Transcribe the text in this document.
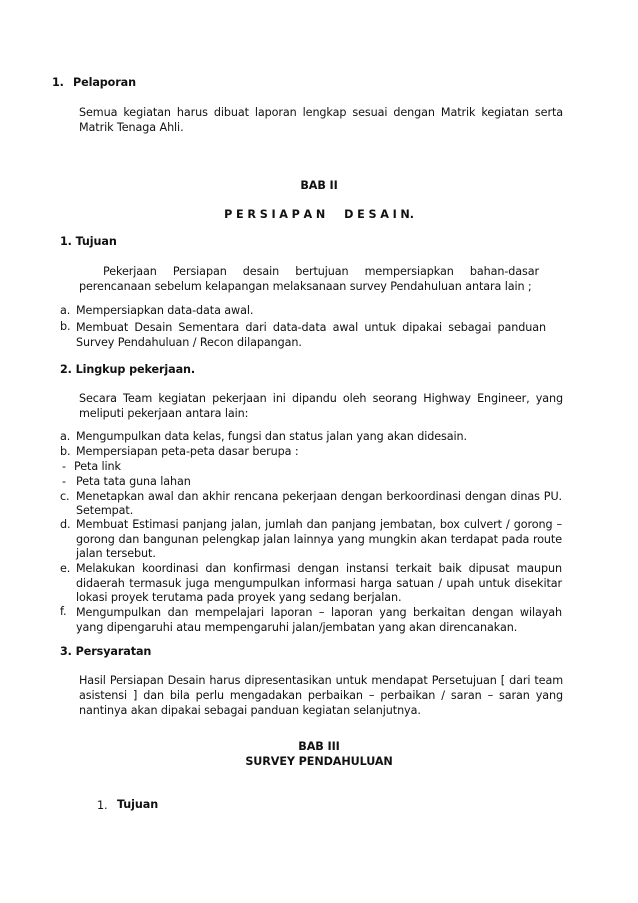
1. Pelaporan
Semua kegiatan harus dibuat laporan lengkap sesuai dengan Matrik kegiatan serta Matrik Tenaga Ahli.
BAB II
P E R S I A P A N     D E S A I N.
1. Tujuan
Pekerjaan Persiapan desain bertujuan mempersiapkan bahan-dasar perencanaan sebelum kelapangan melaksanaan survey Pendahuluan antara lain ;
a. Mempersiapkan data-data awal.
b. Membuat Desain Sementara dari data-data awal untuk dipakai sebagai panduan Survey Pendahuluan / Recon dilapangan.
2. Lingkup pekerjaan.
Secara Team kegiatan pekerjaan ini dipandu oleh seorang Highway Engineer, yang meliputi pekerjaan antara lain:
a. Mengumpulkan data kelas, fungsi dan status jalan yang akan didesain.
b. Mempersiapan peta-peta dasar berupa :
- Peta link
- Peta tata guna lahan
c. Menetapkan awal dan akhir rencana pekerjaan dengan berkoordinasi dengan dinas PU. Setempat.
d. Membuat Estimasi panjang jalan, jumlah dan panjang jembatan, box culvert / gorong – gorong dan bangunan pelengkap jalan lainnya yang mungkin akan terdapat pada route jalan tersebut.
e. Melakukan koordinasi dan konfirmasi dengan instansi terkait baik dipusat maupun didaerah termasuk juga mengumpulkan informasi harga satuan / upah untuk disekitar lokasi proyek terutama pada proyek yang sedang berjalan.
f. Mengumpulkan dan mempelajari laporan – laporan yang berkaitan dengan wilayah yang dipengaruhi atau mempengaruhi jalan/jembatan yang akan direncanakan.
3. Persyaratan
Hasil Persiapan Desain harus dipresentasikan untuk mendapat Persetujuan [ dari team asistensi ] dan bila perlu mengadakan perbaikan – perbaikan / saran – saran yang nantinya akan dipakai sebagai panduan kegiatan selanjutnya.
BAB III
SURVEY PENDAHULUAN
1. Tujuan
